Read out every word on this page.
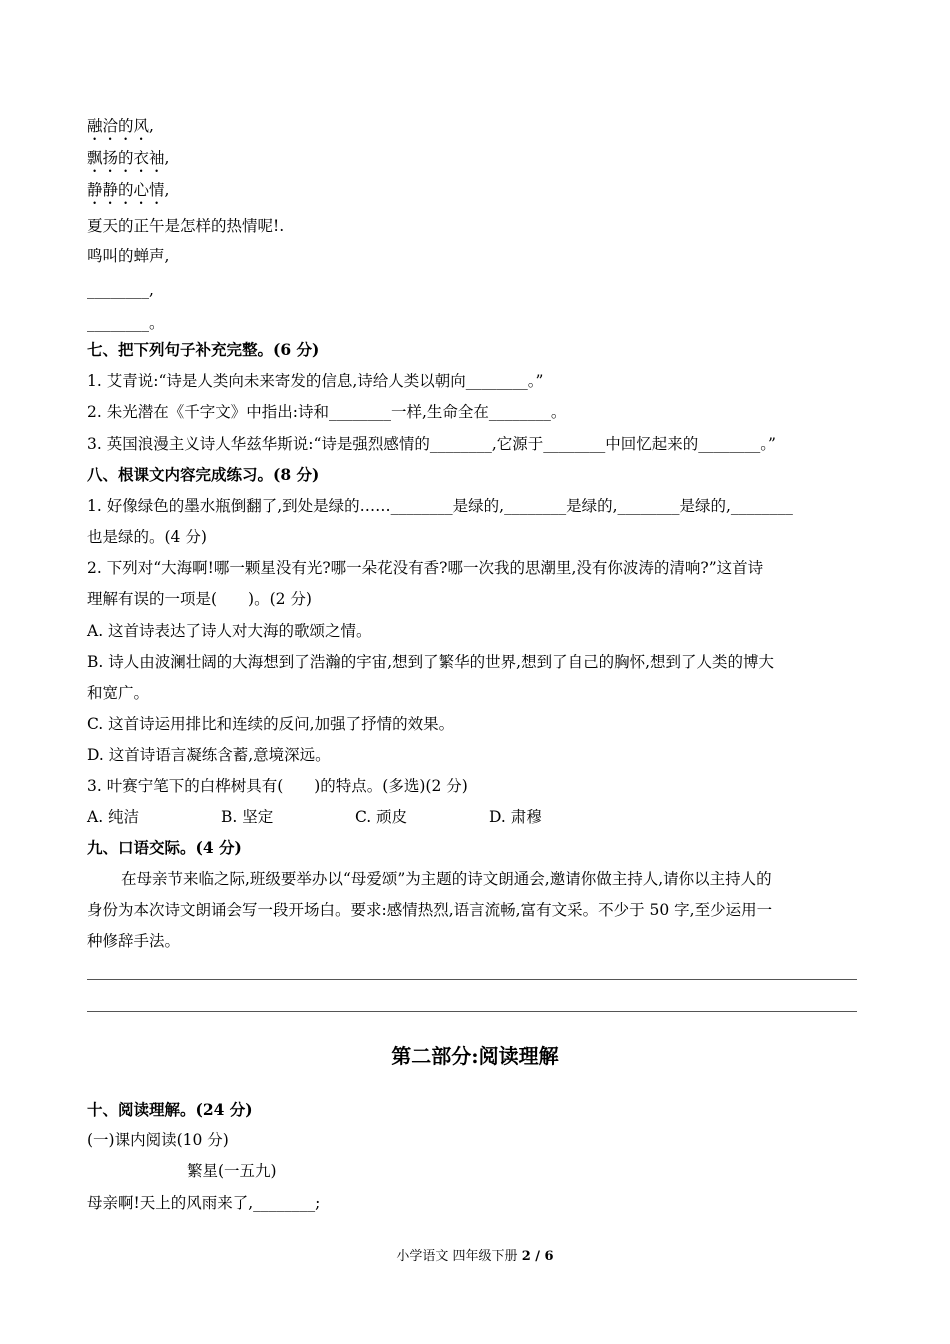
融洽的风,
飘扬的衣袖,
静静的心情,
夏天的正午是怎样的热情呢!.
鸣叫的蝉声,
________,
________。
七、把下列句子补充完整。(6 分)
1. 艾青说:“诗是人类向未来寄发的信息,诗给人类以朝向________。”
2. 朱光潜在《千字文》中指出:诗和________一样,生命全在________。
3. 英国浪漫主义诗人华兹华斯说:“诗是强烈感情的________,它源于________中回忆起来的________。”
八、根课文内容完成练习。(8 分)
1. 好像绿色的墨水瓶倒翻了,到处是绿的……________是绿的,________是绿的,________是绿的,________
也是绿的。(4 分)
2. 下列对“大海啊!哪一颗星没有光?哪一朵花没有香?哪一次我的思潮里,没有你波涛的清响?”这首诗
理解有误的一项是(　　)。(2 分)
A. 这首诗表达了诗人对大海的歌颂之情。
B. 诗人由波澜壮阔的大海想到了浩瀚的宇宙,想到了繁华的世界,想到了自己的胸怀,想到了人类的博大
和宽广。
C. 这首诗运用排比和连续的反问,加强了抒情的效果。
D. 这首诗语言凝练含蓄,意境深远。
3. 叶赛宁笔下的白桦树具有(　　)的特点。(多选)(2 分)
A. 纯洁	B. 坚定	C. 顽皮	D. 肃穆
九、口语交际。(4 分)
在母亲节来临之际,班级要举办以“母爱颂”为主题的诗文朗通会,邀请你做主持人,请你以主持人的
身份为本次诗文朗诵会写一段开场白。要求:感情热烈,语言流畅,富有文采。不少于 50 字,至少运用一
种修辞手法。
第二部分:阅读理解
十、阅读理解。(24 分)
(一)课内阅读(10 分)
繁星(一五九)
母亲啊!天上的风雨来了,________;
小学语文 四年级下册 2 / 6
